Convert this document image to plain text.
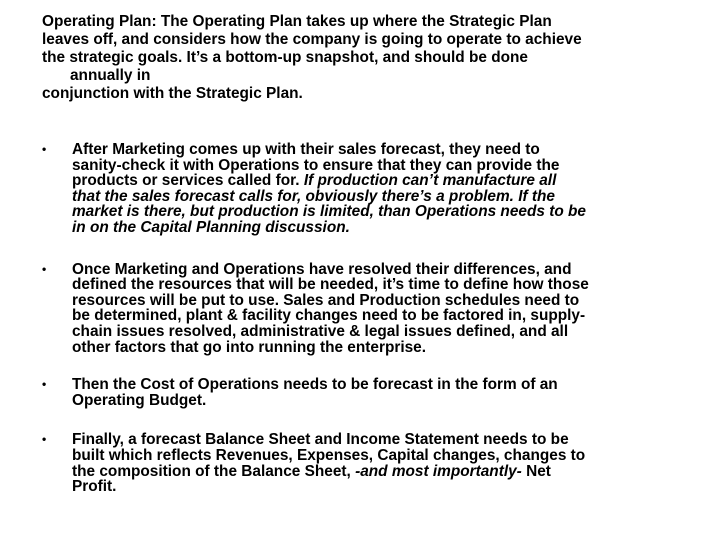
Operating Plan: The Operating Plan takes up where the Strategic Plan
leaves off, and considers how the company is going to operate to achieve
the strategic goals. It’s a bottom-up snapshot, and should be done
annually in
conjunction with the Strategic Plan.
• After Marketing comes up with their sales forecast, they need to
sanity-check it with Operations to ensure that they can provide the
products or services called for. If production can’t manufacture all
that the sales forecast calls for, obviously there’s a problem. If the
market is there, but production is limited, than Operations needs to be
in on the Capital Planning discussion.
• Once Marketing and Operations have resolved their differences, and
defined the resources that will be needed, it’s time to define how those
resources will be put to use. Sales and Production schedules need to
be determined, plant & facility changes need to be factored in, supply-
chain issues resolved, administrative & legal issues defined, and all
other factors that go into running the enterprise.
• Then the Cost of Operations needs to be forecast in the form of an
Operating Budget.
• Finally, a forecast Balance Sheet and Income Statement needs to be
built which reflects Revenues, Expenses, Capital changes, changes to
the composition of the Balance Sheet, -and most importantly- Net
Profit.
